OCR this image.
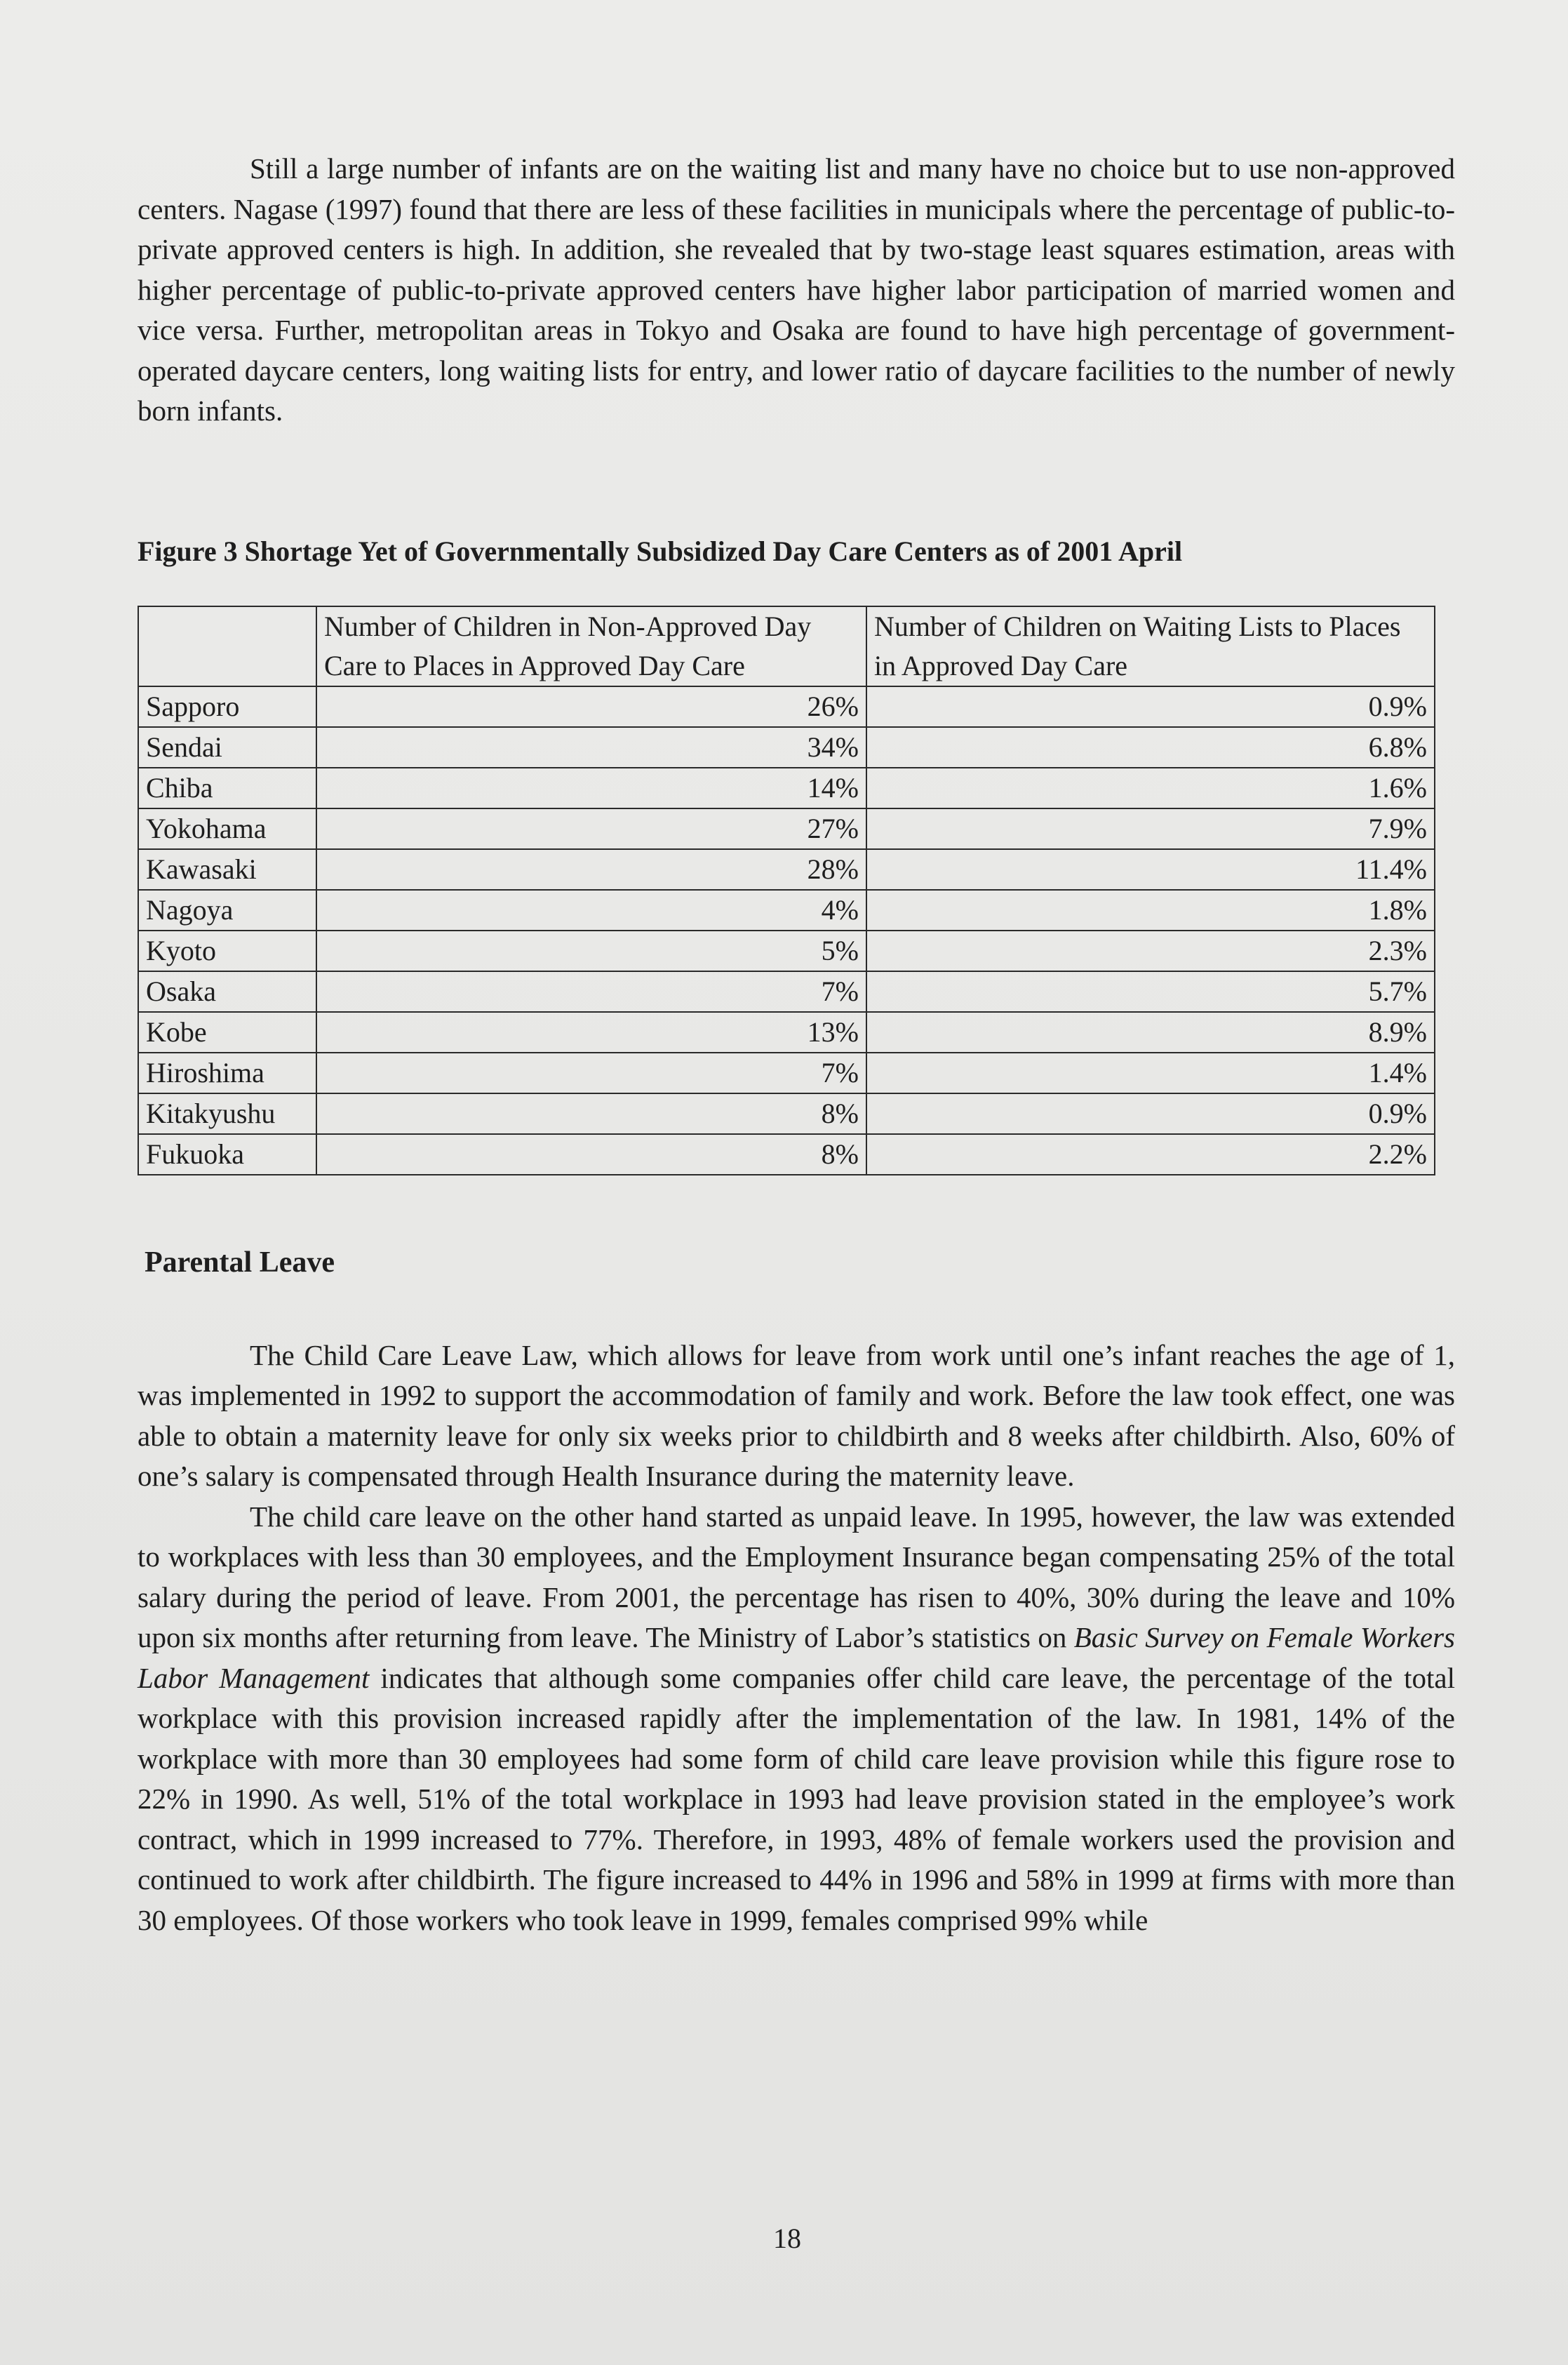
Still a large number of infants are on the waiting list and many have no choice but to use non-approved centers. Nagase (1997) found that there are less of these facilities in municipals where the percentage of public-to-private approved centers is high. In addition, she revealed that by two-stage least squares estimation, areas with higher percentage of public-to-private approved centers have higher labor participation of married women and vice versa. Further, metropolitan areas in Tokyo and Osaka are found to have high percentage of government-operated daycare centers, long waiting lists for entry, and lower ratio of daycare facilities to the number of newly born infants.

Figure 3 Shortage Yet of Governmentally Subsidized Day Care Centers as of 2001 April
	Number of Children in Non-Approved Day Care to Places in Approved Day Care	Number of Children on Waiting Lists to Places in Approved Day Care
Sapporo	26%	0.9%
Sendai	34%	6.8%
Chiba	14%	1.6%
Yokohama	27%	7.9%
Kawasaki	28%	11.4%
Nagoya	4%	1.8%
Kyoto	5%	2.3%
Osaka	7%	5.7%
Kobe	13%	8.9%
Hiroshima	7%	1.4%
Kitakyushu	8%	0.9%
Fukuoka	8%	2.2%
Parental Leave

The Child Care Leave Law, which allows for leave from work until one’s infant reaches the age of 1, was implemented in 1992 to support the accommodation of family and work. Before the law took effect, one was able to obtain a maternity leave for only six weeks prior to childbirth and 8 weeks after childbirth. Also, 60% of one’s salary is compensated through Health Insurance during the maternity leave.

The child care leave on the other hand started as unpaid leave. In 1995, however, the law was extended to workplaces with less than 30 employees, and the Employment Insurance began compensating 25% of the total salary during the period of leave. From 2001, the percentage has risen to 40%, 30% during the leave and 10% upon six months after returning from leave. The Ministry of Labor’s statistics on Basic Survey on Female Workers Labor Management indicates that although some companies offer child care leave, the percentage of the total workplace with this provision increased rapidly after the implementation of the law. In 1981, 14% of the workplace with more than 30 employees had some form of child care leave provision while this figure rose to 22% in 1990. As well, 51% of the total workplace in 1993 had leave provision stated in the employee’s work contract, which in 1999 increased to 77%. Therefore, in 1993, 48% of female workers used the provision and continued to work after childbirth. The figure increased to 44% in 1996 and 58% in 1999 at firms with more than 30 employees. Of those workers who took leave in 1999, females comprised 99% while

18
